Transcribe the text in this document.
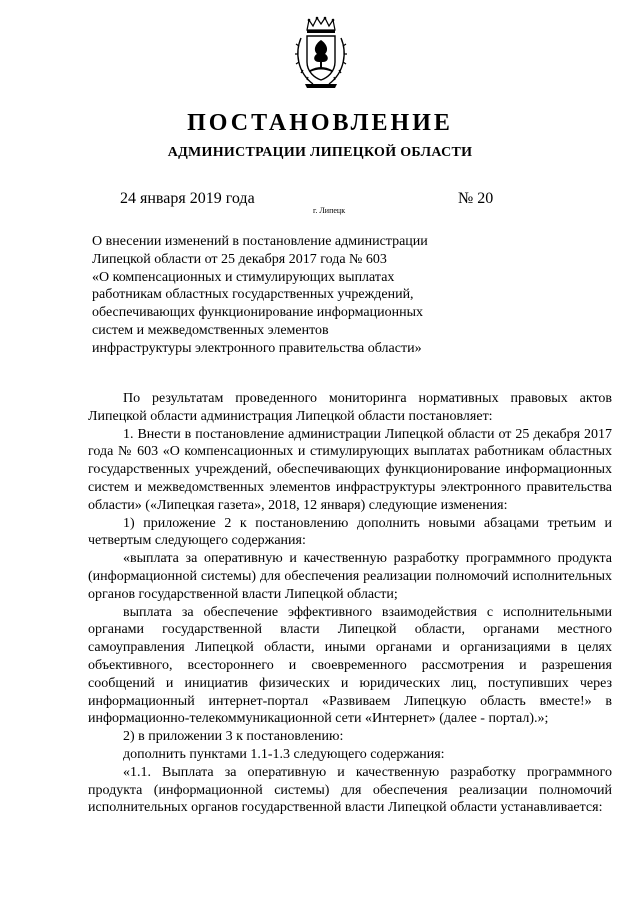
ПОСТАНОВЛЕНИЕ
АДМИНИСТРАЦИИ ЛИПЕЦКОЙ ОБЛАСТИ
24 января 2019 года
г. Липецк
№ 20
О внесении изменений в постановление администрации
Липецкой области от 25 декабря 2017 года № 603
«О компенсационных и стимулирующих выплатах
работникам областных государственных учреждений,
обеспечивающих функционирование информационных
систем и межведомственных элементов
инфраструктуры электронного правительства области»
По результатам проведенного мониторинга нормативных правовых актов Липецкой области администрация Липецкой области постановляет:
1. Внести в постановление администрации Липецкой области от 25 декабря 2017 года № 603 «О компенсационных и стимулирующих выплатах работникам областных государственных учреждений, обеспечивающих функционирование информационных систем и межведомственных элементов инфраструктуры электронного правительства области» («Липецкая газета», 2018, 12 января) следующие изменения:
1) приложение 2 к постановлению дополнить новыми абзацами третьим и четвертым следующего содержания:
«выплата за оперативную и качественную разработку программного продукта (информационной системы) для обеспечения реализации полномочий исполнительных органов государственной власти Липецкой области;
выплата за обеспечение эффективного взаимодействия с исполнительными органами государственной власти Липецкой области, органами местного самоуправления Липецкой области, иными органами и организациями в целях объективного, всестороннего и своевременного рассмотрения и разрешения сообщений и инициатив физических и юридических лиц, поступивших через информационный интернет-портал «Развиваем Липецкую область вместе!» в информационно-телекоммуникационной сети «Интернет» (далее - портал).»;
2) в приложении 3 к постановлению:
дополнить пунктами 1.1-1.3 следующего содержания:
«1.1. Выплата за оперативную и качественную разработку программного продукта (информационной системы) для обеспечения реализации полномочий исполнительных органов государственной власти Липецкой области устанавливается:
